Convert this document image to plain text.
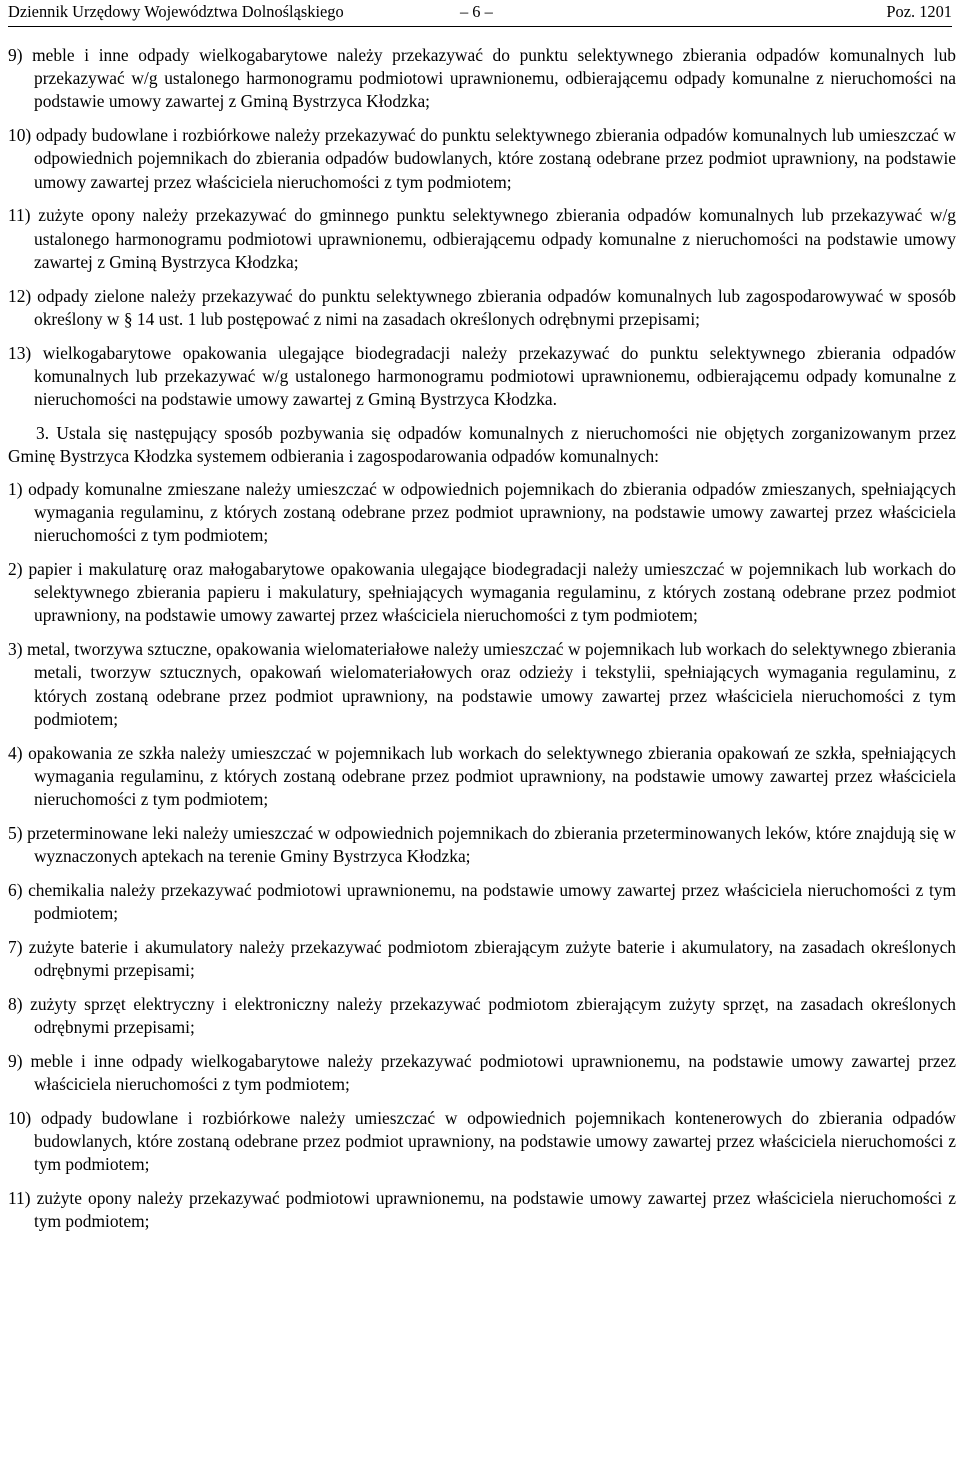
Dziennik Urzędowy Województwa Dolnośląskiego	– 6 –	Poz. 1201

9) meble i inne odpady wielkogabarytowe należy przekazywać do punktu selektywnego zbierania odpadów komunalnych lub przekazywać w/g ustalonego harmonogramu podmiotowi uprawnionemu, odbierającemu odpady komunalne z nieruchomości na podstawie umowy zawartej z Gminą Bystrzyca Kłodzka;

10) odpady budowlane i rozbiórkowe należy przekazywać do punktu selektywnego zbierania odpadów komunalnych lub umieszczać w odpowiednich pojemnikach do zbierania odpadów budowlanych, które zostaną odebrane przez podmiot uprawniony, na podstawie umowy zawartej przez właściciela nieruchomości z tym podmiotem;

11) zużyte opony należy przekazywać do gminnego punktu selektywnego zbierania odpadów komunalnych lub przekazywać w/g ustalonego harmonogramu podmiotowi uprawnionemu, odbierającemu odpady komunalne z nieruchomości na podstawie umowy zawartej z Gminą Bystrzyca Kłodzka;

12) odpady zielone należy przekazywać do punktu selektywnego zbierania odpadów komunalnych lub zagospodarowywać w sposób określony w § 14 ust. 1 lub postępować z nimi na zasadach określonych odrębnymi przepisami;

13) wielkogabarytowe opakowania ulegające biodegradacji należy przekazywać do punktu selektywnego zbierania odpadów komunalnych lub przekazywać w/g ustalonego harmonogramu podmiotowi uprawnionemu, odbierającemu odpady komunalne z nieruchomości na podstawie umowy zawartej z Gminą Bystrzyca Kłodzka.

3. Ustala się następujący sposób pozbywania się odpadów komunalnych z nieruchomości nie objętych zorganizowanym przez Gminę Bystrzyca Kłodzka systemem odbierania i zagospodarowania odpadów komunalnych:

1) odpady komunalne zmieszane należy umieszczać w odpowiednich pojemnikach do zbierania odpadów zmieszanych, spełniających wymagania regulaminu, z których zostaną odebrane przez podmiot uprawniony, na podstawie umowy zawartej przez właściciela nieruchomości z tym podmiotem;

2) papier i makulaturę oraz małogabarytowe opakowania ulegające biodegradacji należy umieszczać w pojemnikach lub workach do selektywnego zbierania papieru i makulatury, spełniających wymagania regulaminu, z których zostaną odebrane przez podmiot uprawniony, na podstawie umowy zawartej przez właściciela nieruchomości z tym podmiotem;

3) metal, tworzywa sztuczne, opakowania wielomateriałowe należy umieszczać w pojemnikach lub workach do selektywnego zbierania metali, tworzyw sztucznych, opakowań wielomateriałowych oraz odzieży i tekstylii, spełniających wymagania regulaminu, z których zostaną odebrane przez podmiot uprawniony, na podstawie umowy zawartej przez właściciela nieruchomości z tym podmiotem;

4) opakowania ze szkła należy umieszczać w pojemnikach lub workach do selektywnego zbierania opakowań ze szkła, spełniających wymagania regulaminu, z których zostaną odebrane przez podmiot uprawniony, na podstawie umowy zawartej przez właściciela nieruchomości z tym podmiotem;

5) przeterminowane leki należy umieszczać w odpowiednich pojemnikach do zbierania przeterminowanych leków, które znajdują się w wyznaczonych aptekach na terenie Gminy Bystrzyca Kłodzka;

6) chemikalia należy przekazywać podmiotowi uprawnionemu, na podstawie umowy zawartej przez właściciela nieruchomości z tym podmiotem;

7) zużyte baterie i akumulatory należy przekazywać podmiotom zbierającym zużyte baterie i akumulatory, na zasadach określonych odrębnymi przepisami;

8) zużyty sprzęt elektryczny i elektroniczny należy przekazywać podmiotom zbierającym zużyty sprzęt, na zasadach określonych odrębnymi przepisami;

9) meble i inne odpady wielkogabarytowe należy przekazywać podmiotowi uprawnionemu, na podstawie umowy zawartej przez właściciela nieruchomości z tym podmiotem;

10) odpady budowlane i rozbiórkowe należy umieszczać w odpowiednich pojemnikach kontenerowych do zbierania odpadów budowlanych, które zostaną odebrane przez podmiot uprawniony, na podstawie umowy zawartej przez właściciela nieruchomości z tym podmiotem;

11) zużyte opony należy przekazywać podmiotowi uprawnionemu, na podstawie umowy zawartej przez właściciela nieruchomości z tym podmiotem;
